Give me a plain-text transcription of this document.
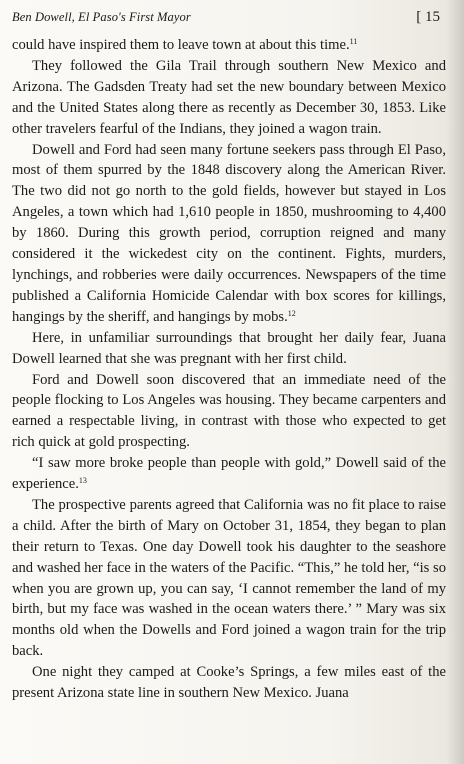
Ben Dowell, El Paso's First Mayor	[ 15

could have inspired them to leave town at about this time.$^{11}$

They followed the Gila Trail through southern New Mexico and Arizona. The Gadsden Treaty had set the new boundary between Mexico and the United States along there as recently as December 30, 1853. Like other travelers fearful of the Indians, they joined a wagon train.

Dowell and Ford had seen many fortune seekers pass through El Paso, most of them spurred by the 1848 discovery along the American River. The two did not go north to the gold fields, however but stayed in Los Angeles, a town which had 1,610 people in 1850, mushrooming to 4,400 by 1860. During this growth period, corruption reigned and many considered it the wickedest city on the continent. Fights, murders, lynchings, and robberies were daily occurrences. Newspapers of the time published a California Homicide Calendar with box scores for killings, hangings by the sheriff, and hangings by mobs.$^{12}$

Here, in unfamiliar surroundings that brought her daily fear, Juana Dowell learned that she was pregnant with her first child.

Ford and Dowell soon discovered that an immediate need of the people flocking to Los Angeles was housing. They became carpenters and earned a respectable living, in contrast with those who expected to get rich quick at gold prospecting.

“I saw more broke people than people with gold,” Dowell said of the experience.$^{13}$

The prospective parents agreed that California was no fit place to raise a child. After the birth of Mary on October 31, 1854, they began to plan their return to Texas. One day Dowell took his daughter to the seashore and washed her face in the waters of the Pacific. “This,” he told her, “is so when you are grown up, you can say, ‘I cannot remember the land of my birth, but my face was washed in the ocean waters there.’ ” Mary was six months old when the Dowells and Ford joined a wagon train for the trip back.

One night they camped at Cooke’s Springs, a few miles east of the present Arizona state line in southern New Mexico. Juana
